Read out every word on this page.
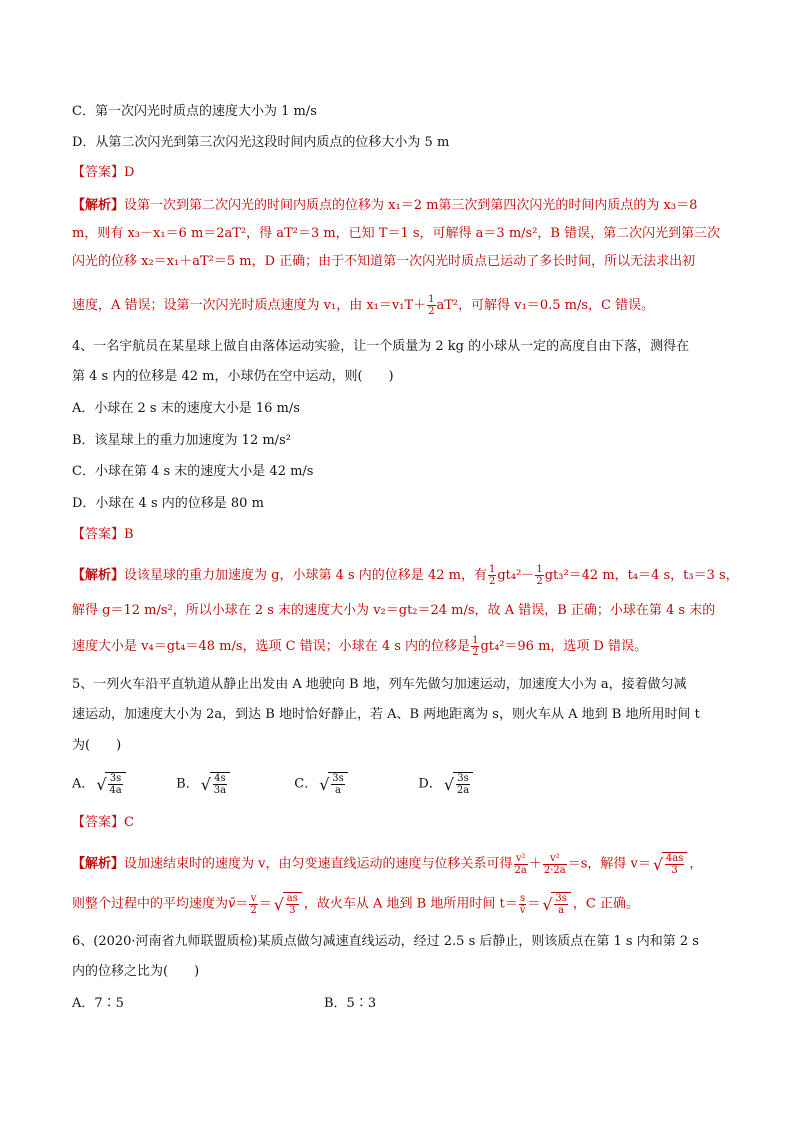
C．第一次闪光时质点的速度大小为 1 m/s
D．从第二次闪光到第三次闪光这段时间内质点的位移大小为 5 m
【答案】D
【解析】设第一次到第二次闪光的时间内质点的位移为 x₁＝2 m第三次到第四次闪光的时间内质点的为 x₃＝8
m，则有 x₃－x₁＝6 m＝2aT²，得 aT²＝3 m，已知 T＝1 s，可解得 a＝3 m/s²，B 错误，第二次闪光到第三次
闪光的位移 x₂＝x₁＋aT²＝5 m，D 正确；由于不知道第一次闪光时质点已运动了多长时间，所以无法求出初
速度，A 错误；设第一次闪光时质点速度为 v₁，由 $x_1=v_1T+ \frac{1}{2} aT^2$，可解得 v₁＝0.5 m/s，C 错误。
4、一名宇航员在某星球上做自由落体运动实验，让一个质量为 2 kg 的小球从一定的高度自由下落，测得在
第 4 s 内的位移是 42 m，小球仍在空中运动，则(　　)
A．小球在 2 s 末的速度大小是 16 m/s
B．该星球上的重力加速度为 12 m/s²
C．小球在第 4 s 末的速度大小是 42 m/s
D．小球在 4 s 内的位移是 80 m
【答案】B
【解析】设该星球的重力加速度为 g，小球第 4 s 内的位移是 42 m，有 $\frac{1}{2} gt_4^2- \frac{1}{2} gt_3^2=42$ m，t₄＝4 s，t₃＝3 s，
解得 g＝12 m/s²，所以小球在 2 s 末的速度大小为 v₂＝gt₂＝24 m/s，故 A 错误，B 正确；小球在第 4 s 末的
速度大小是 v₄＝gt₄＝48 m/s，选项 C 错误；小球在 4 s 内的位移是 $\frac{1}{2} gt_4^2=96$ m，选项 D 错误。
5、一列火车沿平直轨道从静止出发由 A 地驶向 B 地，列车先做匀加速运动，加速度大小为 a，接着做匀减
速运动，加速度大小为 2a，到达 B 地时恰好静止，若 A、B 两地距离为 s，则火车从 A 地到 B 地所用时间 t
为(　　)
A． √ $\frac{3s}{4a}$	B． √ $\frac{4s}{3a}$	C． √ $\frac{3s}{a}$	D． √ $\frac{3s}{2a}$
【答案】C
【解析】设加速结束时的速度为 v，由匀变速直线运动的速度与位移关系可得 $\frac{\text{v²}}{2a} + \frac{\text{v²}}{2\cdot 2a} =s$，解得 v＝ √ $\frac{4as}{3}$ ，
则整个过程中的平均速度为v̄＝ $\frac{v}{2}$ ＝ √ $\frac{as}{3}$ ，故火车从 A 地到 B 地所用时间 $t= \frac{s}{v̄}$ ＝ √ $\frac{3s}{a}$ ，C 正确。
6、(2020·河南省九师联盟质检)某质点做匀减速直线运动，经过 2.5 s 后静止，则该质点在第 1 s 内和第 2 s
内的位移之比为(　　)
A．7∶5	B．5∶3
